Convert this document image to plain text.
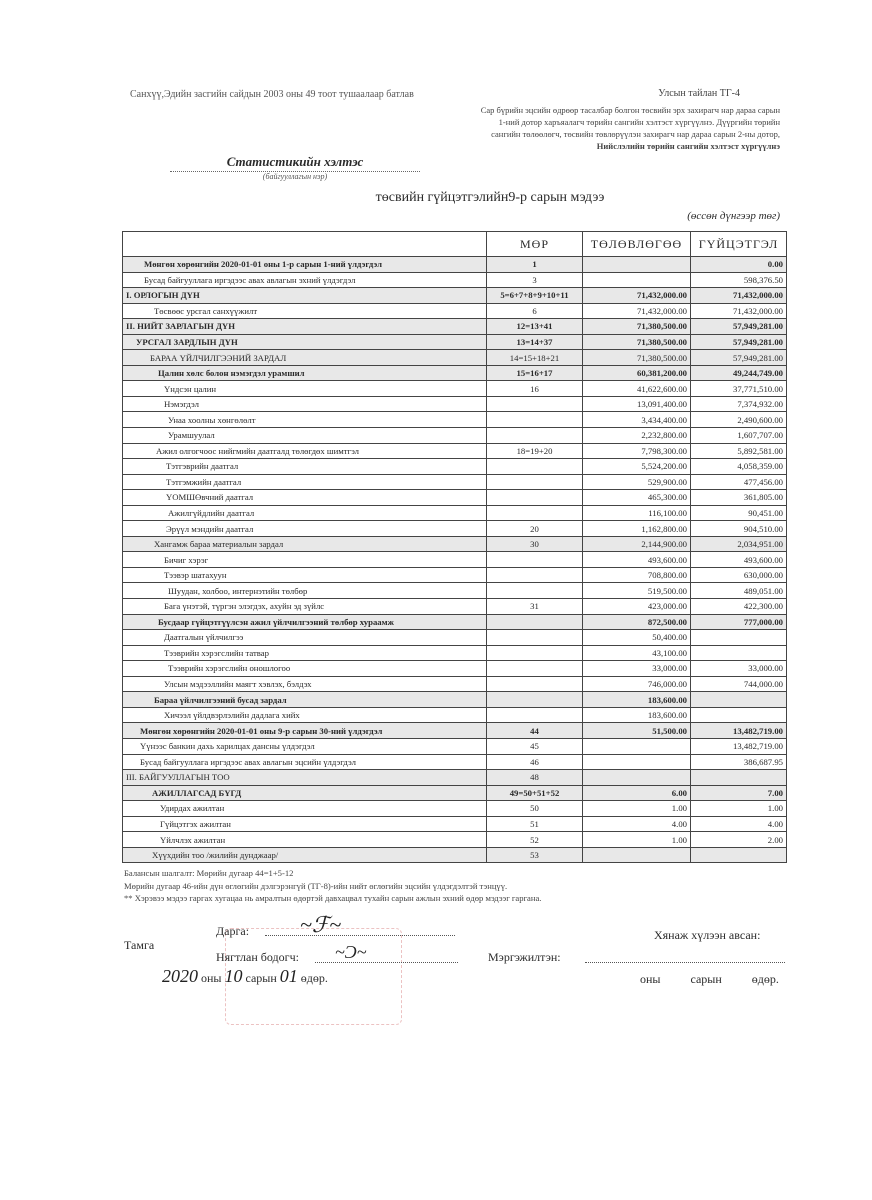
Санхүү,Эдийн засгийн сайдын 2003 оны 49 тоот тушаалаар батлав	Улсын тайлан ТГ-4
Сар бүрийн эцсийн өдрөөр тасалбар болгон төсвийн эрх захирагч нар дараа сарын
1-ний дотор харъяалагч төрийн сангийн хэлтэст хүргүүлнэ. Дүүргийн төрийн
сангийн төлөөлөгч, төсвийн төвлөрүүлэн захирагч нар дараа сарын 2-ны дотор,
Нийслэлийн төрийн сангийн хэлтэст хүргүүлнэ
Статистикийн хэлтэс
(байгууллагын нэр)
төсвийн гүйцэтгэлийн9-р сарын мэдээ
(өссөн дүнгээр төг)
	МӨР	ТӨЛӨВЛӨГӨӨ	ГҮЙЦЭТГЭЛ
Мөнгөн хөрөнгийн 2020-01-01 оны 1-р сарын 1-ний үлдэгдэл	1		0.00
Бусад байгууллага иргэдээс авах авлагын эхний үлдэгдэл	3		598,376.50
I. ОРЛОГЫН ДҮН	5=6+7+8+9+10+11	71,432,000.00	71,432,000.00
Төсвөөс урсгал санхүүжилт	6	71,432,000.00	71,432,000.00
II. НИЙТ ЗАРЛАГЫН ДҮН	12=13+41	71,380,500.00	57,949,281.00
УРСГАЛ ЗАРДЛЫН ДҮН	13=14+37	71,380,500.00	57,949,281.00
БАРАА ҮЙЛЧИЛГЭЭНИЙ ЗАРДАЛ	14=15+18+21	71,380,500.00	57,949,281.00
Цалин хөлс болон нэмэгдэл урамшил	15=16+17	60,381,200.00	49,244,749.00
Үндсэн цалин	16	41,622,600.00	37,771,510.00
Нэмэгдэл		13,091,400.00	7,374,932.00
Унаа хоолны хөнгөлөлт		3,434,400.00	2,490,600.00
Урамшуулал		2,232,800.00	1,607,707.00
Ажил олгогчоос нийгмийн даатгалд төлөгдөх шимтгэл	18=19+20	7,798,300.00	5,892,581.00
Тэтгэврийн даатгал		5,524,200.00	4,058,359.00
Тэтгэмжийн даатгал		529,900.00	477,456.00
ҮОМШӨвчний даатгал		465,300.00	361,805.00
Ажилгүйдлийн даатгал		116,100.00	90,451.00
Эрүүл мэндийн даатгал	20	1,162,800.00	904,510.00
Хангамж бараа материалын зардал	30	2,144,900.00	2,034,951.00
Бичиг хэрэг		493,600.00	493,600.00
Тээвэр шатахуун		708,800.00	630,000.00
Шуудан, холбоо, интернэтийн төлбөр		519,500.00	489,051.00
Бага үнэтэй, түргэн элэгдэх, ахуйн эд зүйлс	31	423,000.00	422,300.00
Бусдаар гүйцэтгүүлсэн ажил үйлчилгээний төлбөр хураамж		872,500.00	777,000.00
Даатгалын үйлчилгээ		50,400.00	
Тээврийн хэрэгслийн татвар		43,100.00	
Тээврийн хэрэгслийн оношлогоо		33,000.00	33,000.00
Улсын мэдээллийн маягт хэвлэх, бэлдэх		746,000.00	744,000.00
Бараа үйлчилгээний бусад зардал		183,600.00	
Хичээл үйлдвэрлэлийн дадлага хийх		183,600.00	
Мөнгөн хөрөнгийн 2020-01-01 оны 9-р сарын 30-ний үлдэгдэл	44	51,500.00	13,482,719.00
Үүнээс банкин дахь харилцах дансны үлдэгдэл	45		13,482,719.00
Бусад байгууллага иргэдээс авах авлагын эцсийн үлдэгдэл	46		386,687.95
III. БАЙГУУЛЛАГЫН ТОО	48		
АЖИЛЛАГСАД БҮГД	49=50+51+52	6.00	7.00
Удирдах ажилтан	50	1.00	1.00
Гүйцэтгэх ажилтан	51	4.00	4.00
Үйлчлэх ажилтан	52	1.00	2.00
Хүүхдийн тоо /жилийн дунджаар/	53		
Балансын шалгалт: Мөрийн дугаар 44=1+5-12
Мөрийн дугаар 46-ийн дүн өглөгийн дэлгэрэнгүй (ТГ-8)-ийн нийт өглөгийн эцсийн үлдэгдэлтэй тэнцүү.
** Хэрэвээ мэдээ гаргах хугацаа нь амралтын өдөртэй давхацвал тухайн сарын ажлын эхний өдөр мэдээг гаргана.
Дарга: ~ℱ~
Тамга
Нягтлан бодогч: ~Ͻ~	Мэргэжилтэн:
Хянаж хүлээн авсан:
2020 оны 10 сарын 01 өдөр.	оны	сарын	өдөр.
